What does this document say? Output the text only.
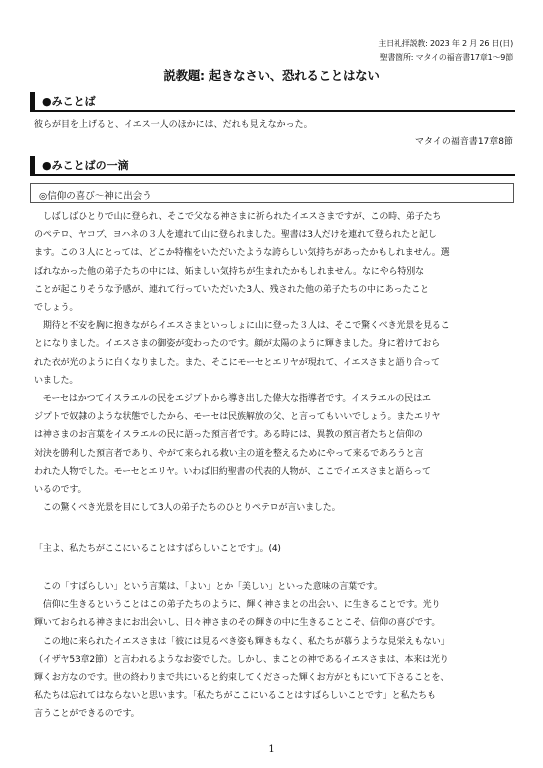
主日礼拝説教: 2023 年 2 月 26 日(日)
聖書箇所: マタイの福音書17章1～9節
説教題: 起きなさい、恐れることはない
●みことば
彼らが目を上げると、イエス一人のほかには、だれも見えなかった。
マタイの福音書17章8節
●みことばの一滴
◎信仰の喜び～神に出会う
　しばしばひとりで山に登られ、そこで父なる神さまに祈られたイエスさまですが、この時、弟子たち
のペテロ、ヤコブ、ヨハネの３人を連れて山に登られました。聖書は3人だけを連れて登られたと記し
ます。この３人にとっては、どこか特権をいただいたような誇らしい気持ちがあったかもしれません。選
ばれなかった他の弟子たちの中には、妬ましい気持ちが生まれたかもしれません。なにやら特別な
ことが起こりそうな予感が、連れて行っていただいた3人、残された他の弟子たちの中にあったこと
でしょう。
　期待と不安を胸に抱きながらイエスさまといっしょに山に登った３人は、そこで驚くべき光景を見るこ
とになりました。イエスさまの御姿が変わったのです。顔が太陽のように輝きました。身に着けておら
れた衣が光のように白くなりました。また、そこにモーセとエリヤが現れて、イエスさまと語り合って
いました。
　モーセはかつてイスラエルの民をエジプトから導き出した偉大な指導者です。イスラエルの民はエ
ジプトで奴隷のような状態でしたから、モーセは民族解放の父、と言ってもいいでしょう。またエリヤ
は神さまのお言葉をイスラエルの民に語った預言者です。ある時には、異教の預言者たちと信仰の
対決を勝利した預言者であり、やがて来られる救い主の道を整えるためにやって来るであろうと言
われた人物でした。モーセとエリヤ。いわば旧約聖書の代表的人物が、ここでイエスさまと語らって
いるのです。
　この驚くべき光景を目にして3人の弟子たちのひとりペテロが言いました。
「主よ、私たちがここにいることはすばらしいことです」。(4)
　この「すばらしい」という言葉は、「よい」とか「美しい」といった意味の言葉です。
　信仰に生きるということはこの弟子たちのように、輝く神さまとの出会い、に生きることです。光り
輝いておられる神さまにお出会いし、日々神さまのその輝きの中に生きることこそ、信仰の喜びです。
　この地に来られたイエスさまは「彼には見るべき姿も輝きもなく、私たちが慕うような見栄えもない」
（イザヤ53章2節）と言われるようなお姿でした。しかし、まことの神であるイエスさまは、本来は光り
輝くお方なのです。世の終わりまで共にいると約束してくださった輝くお方がともにいて下さることを、
私たちは忘れてはならないと思います。「私たちがここにいることはすばらしいことです」と私たちも
言うことができるのです。
1
